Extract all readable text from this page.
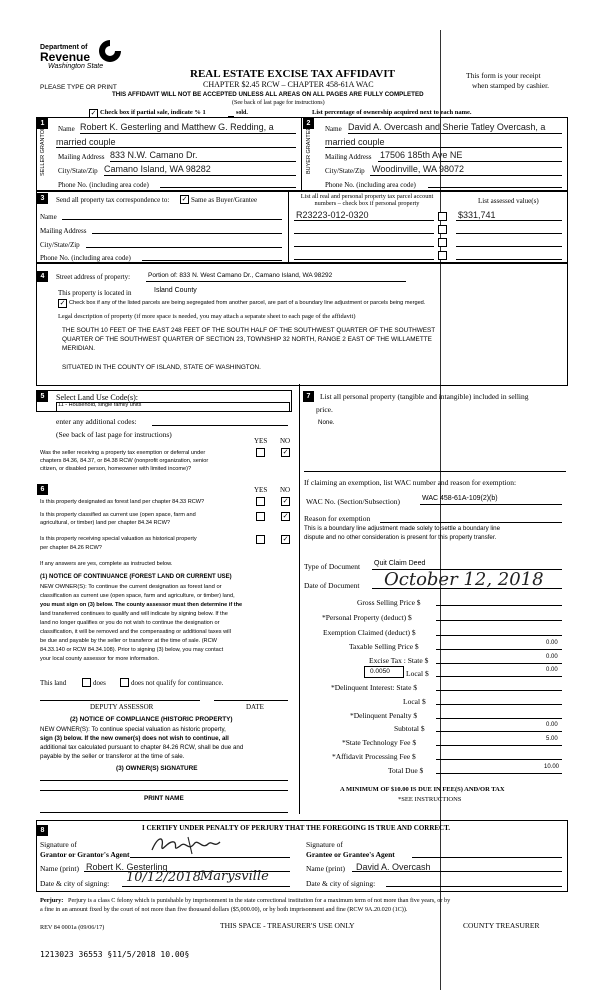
Department of
Revenue
Washington State
PLEASE TYPE OR PRINT
REAL ESTATE EXCISE TAX AFFIDAVIT
CHAPTER $2.45 RCW – CHAPTER 458-61A WAC
THIS AFFIDAVIT WILL NOT BE ACCEPTED UNLESS ALL AREAS ON ALL PAGES ARE FULLY COMPLETED
(See back of last page for instructions)
This form is your receipt
when stamped by cashier.
✓ Check box if partial sale, indicate % 1	sold.	List percentage of ownership acquired next to each name.
1
SELLER GRANTOR Name Robert K. Gesterling and Matthew G. Redding, a
married couple
Mailing Address 833 N.W. Camano Dr.
City/State/Zip Camano Island, WA 98282
Phone No. (including area code)
2
BUYER GRANTEE Name David A. Overcash and Sherie Tatley Overcash, a
married couple
Mailing Address 17506 185th Ave NE
City/State/Zip Woodinville, WA 98072
Phone No. (including area code)
3	Send all property tax correspondence to: ✓ Same as Buyer/Grantee
Name
Mailing Address
City/State/Zip
Phone No. (including area code)
List all real and personal property tax parcel account numbers – check box if personal property	List assessed value(s)
R23223-012-0320	$331,741
4	Street address of property:	Portion of: 833 N. West Camano Dr., Camano Island, WA 98292
This property is located in	Island County
✓ Check box if any of the listed parcels are being segregated from another parcel, are part of a boundary line adjustment or parcels being merged.
Legal description of property (if more space is needed, you may attach a separate sheet to each page of the affidavit)
THE SOUTH 10 FEET OF THE EAST 248 FEET OF THE SOUTH HALF OF THE SOUTHWEST QUARTER OF THE SOUTHWEST
QUARTER OF THE SOUTHWEST QUARTER OF SECTION 23, TOWNSHIP 32 NORTH, RANGE 2 EAST OF THE WILLAMETTE
MERIDIAN.
SITUATED IN THE COUNTY OF ISLAND, STATE OF WASHINGTON.
5	Select Land Use Code(s):
11 - Household, single family units
enter any additional codes:
(See back of last page for instructions)
YES NO
Was the seller receiving a property tax exemption or deferral under
chapters 84.36, 84.37, or 84.38 RCW (nonprofit organization, senior
citizen, or disabled person, homeowner with limited income)?
✓
6	YES NO
Is this property designated as forest land per chapter 84.33 RCW?	✓
Is this property classified as current use (open space, farm and
agricultural, or timber) land per chapter 84.34 RCW?
✓
Is this property receiving special valuation as historical property
per chapter 84.26 RCW?
✓
If any answers are yes, complete as instructed below.
(1) NOTICE OF CONTINUANCE (FOREST LAND OR CURRENT USE)
NEW OWNER(S): To continue the current designation as forest land or
classification as current use (open space, farm and agriculture, or timber) land,
you must sign on (3) below. The county assessor must then determine if the
land transferred continues to qualify and will indicate by signing below. If the
land no longer qualifies or you do not wish to continue the designation or
classification, it will be removed and the compensating or additional taxes will
be due and payable by the seller or transferor at the time of sale. (RCW
84.33.140 or RCW 84.34.108). Prior to signing (3) below, you may contact
your local county assessor for more information.
This land	does	does not qualify for continuance.
DEPUTY ASSESSOR	DATE
(2) NOTICE OF COMPLIANCE (HISTORIC PROPERTY)
NEW OWNER(S): To continue special valuation as historic property,
sign (3) below. If the new owner(s) does not wish to continue, all
additional tax calculated pursuant to chapter 84.26 RCW, shall be due and
payable by the seller or transferor at the time of sale.
(3) OWNER(S) SIGNATURE
PRINT NAME
7	List all personal property (tangible and intangible) included in selling
price.
None.
If claiming an exemption, list WAC number and reason for exemption:
WAC No. (Section/Subsection)	WAC 458-61A-109(2)(b)
Reason for exemption
This is a boundary line adjustment made solely to settle a boundary line
dispute and no other consideration is present for this property transfer.
Type of Document Quit Claim Deed
Date of Document October 12, 2018
Gross Selling Price $
*Personal Property (deduct) $
Exemption Claimed (deduct) $
Taxable Selling Price $	0.00
Excise Tax : State $	0.00
0.0050 Local $	0.00
*Delinquent Interest: State $
Local $
*Delinquent Penalty $
Subtotal $	0.00
*State Technology Fee $	5.00
*Affidavit Processing Fee $
Total Due $	10.00
A MINIMUM OF $10.00 IS DUE IN FEE(S) AND/OR TAX
*SEE INSTRUCTIONS
8	I CERTIFY UNDER PENALTY OF PERJURY THAT THE FOREGOING IS TRUE AND CORRECT.
Signature of
Grantor or Grantor's Agent
Name (print) Robert K. Gesterling
Date & city of signing: 10/12/2018 Marysville
Signature of
Grantee or Grantee's Agent
Name (print) David A. Overcash
Date & city of signing:
Perjury: Perjury is a class C felony which is punishable by imprisonment in the state correctional institution for a maximum term of not more than five years, or by
a fine in an amount fixed by the court of not more than five thousand dollars ($5,000.00), or by both imprisonment and fine (RCW 9A.20.020 (1C)).
REV 84 0001a (09/06/17)	THIS SPACE - TREASURER'S USE ONLY	COUNTY TREASURER
1213023 36553 §11/5/2018 10.00§
